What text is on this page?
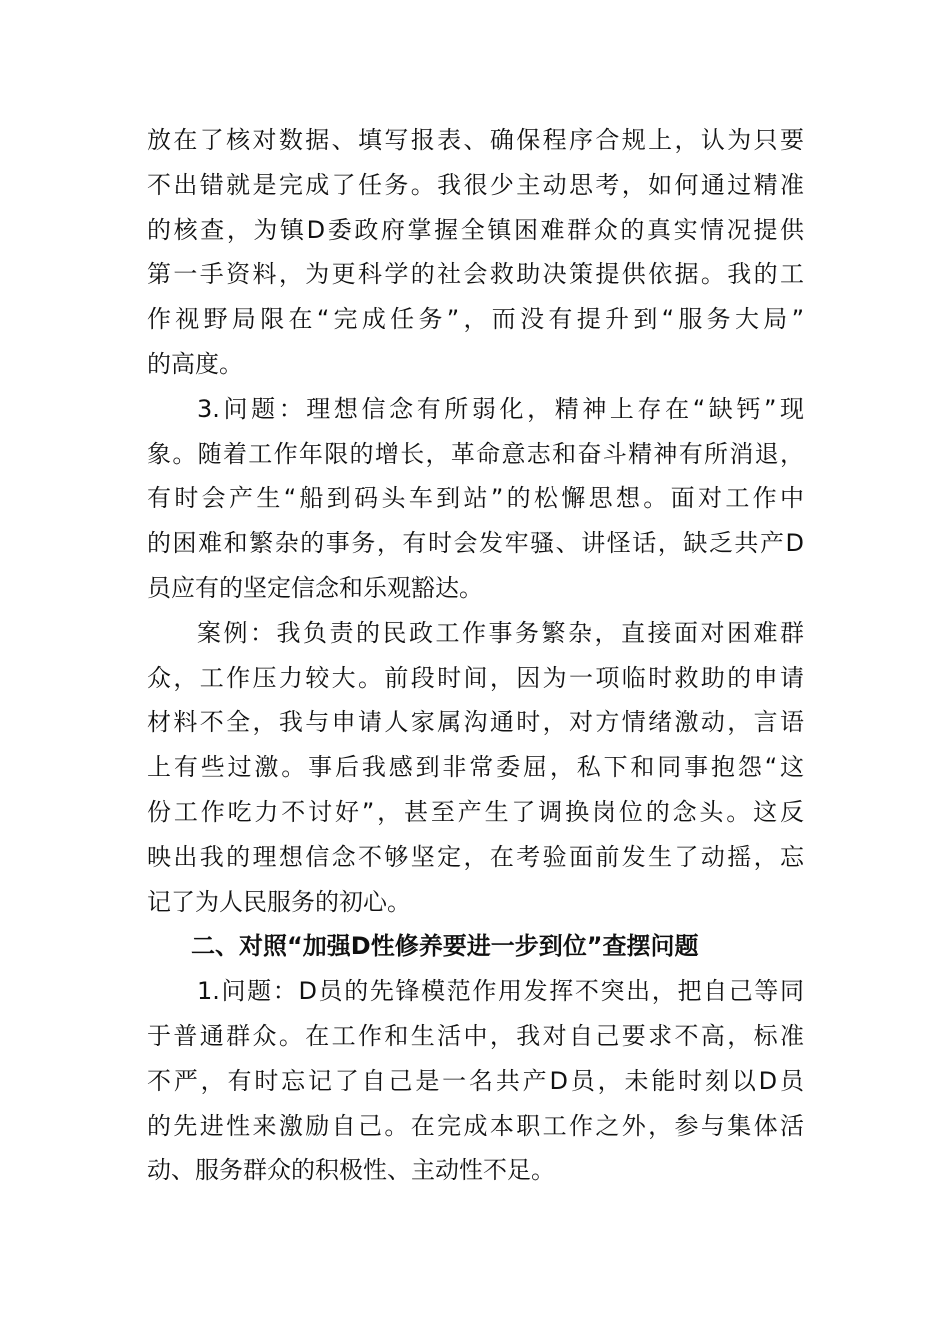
放在了核对数据、填写报表、确保程序合规上，认为只要
不出错就是完成了任务。我很少主动思考，如何通过精准
的核查，为镇D委政府掌握全镇困难群众的真实情况提供
第一手资料，为更科学的社会救助决策提供依据。我的工
作视野局限在“完成任务”，而没有提升到“服务大局”
的高度。
3.问题：理想信念有所弱化，精神上存在“缺钙”现
象。随着工作年限的增长，革命意志和奋斗精神有所消退，
有时会产生“船到码头车到站”的松懈思想。面对工作中
的困难和繁杂的事务，有时会发牢骚、讲怪话，缺乏共产D
员应有的坚定信念和乐观豁达。
案例：我负责的民政工作事务繁杂，直接面对困难群
众，工作压力较大。前段时间，因为一项临时救助的申请
材料不全，我与申请人家属沟通时，对方情绪激动，言语
上有些过激。事后我感到非常委屈，私下和同事抱怨“这
份工作吃力不讨好”，甚至产生了调换岗位的念头。这反
映出我的理想信念不够坚定，在考验面前发生了动摇，忘
记了为人民服务的初心。
二、对照“加强D性修养要进一步到位”查摆问题
1.问题：D员的先锋模范作用发挥不突出，把自己等同
于普通群众。在工作和生活中，我对自己要求不高，标准
不严，有时忘记了自己是一名共产D员，未能时刻以D员
的先进性来激励自己。在完成本职工作之外，参与集体活
动、服务群众的积极性、主动性不足。
